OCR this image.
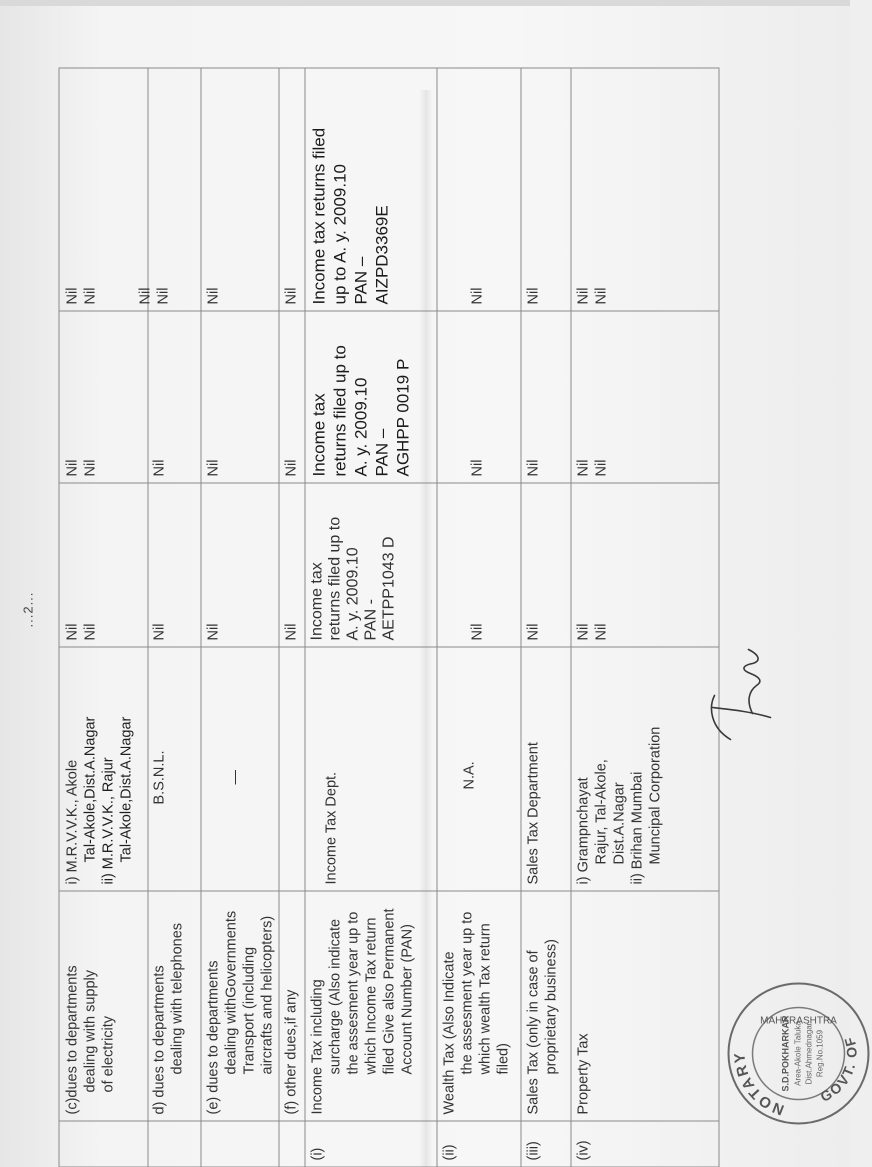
...2...
(c)dues to departments dealing with supply of electricity
i) M.R.V.V.K., Akole Tal-Akole,Dist.A.Nagar ii) M.R.V.V.K., Rajur Tal-Akole,Dist.A.Nagar
Nil Nil
Nil Nil
Nil Nil
d) dues to departments dealing with telephones
B.S.N.L.
Nil
Nil
Nil Nil
(e) dues to departments dealing withGovernments Transport (including aircrafts and helicopters)
—
Nil
Nil
Nil
(f) other dues,if any
Nil
Nil
Nil
(i)
Income Tax including surcharge (Also indicate the assesment year up to which Income Tax return filed Give also Permanent Account Number (PAN)
Income Tax Dept.
Income tax returns filed up to A. y. 2009.10 PAN - AETPP1043 D
Income tax returns filed up to A. y. 2009.10 PAN – AGHPP 0019 P
Income tax returns filed up to A. y. 2009.10 PAN – AIZPD3369E
(ii)
Wealth Tax (Also Indicate the assesment year up to which wealth Tax return filed)
N.A.
Nil
Nil
Nil
(iii)
Sales Tax (only in case of proprietary business)
Sales Tax Department
Nil
Nil
Nil
(iv)
Property Tax
i) Grampnchayat Rajur, Tal-Akole, Dist.A.Nagar ii) Brihan Mumbai Muncipal Corporation
Nil Nil
Nil Nil
Nil Nil
NOTARY
GOVT. OF
MAHARASHTRA
S.D.POKHARKAR Area-Akole Taluka Dist.Ahmednagar Reg.No.1059
